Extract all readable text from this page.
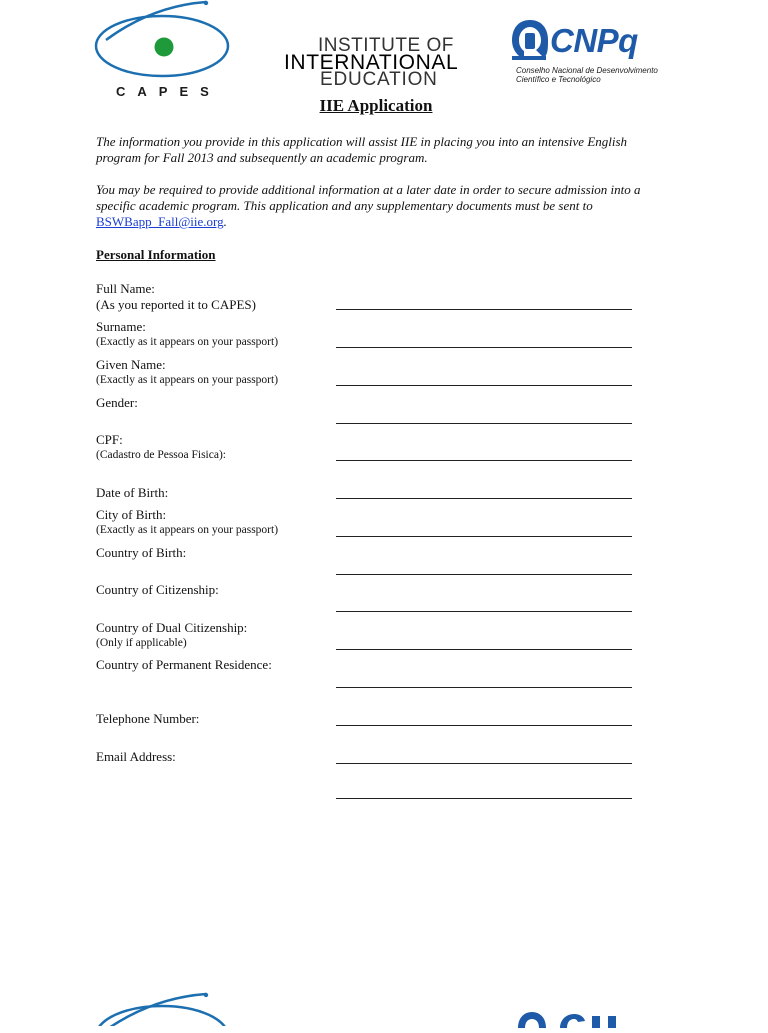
CAPES
INSTITUTE OF
INTERNATIONAL
EDUCATION
CNPq
Conselho Nacional de Desenvolvimento
Científico e Tecnológico
IIE Application

The information you provide in this application will assist IIE in placing you into an intensive English program for Fall 2013 and subsequently an academic program.

You may be required to provide additional information at a later date in order to secure admission into a specific academic program. This application and any supplementary documents must be sent to BSWBapp_Fall@iie.org.

Personal Information
Full Name:
(As you reported it to CAPES)
Surname:
(Exactly as it appears on your passport)
Given Name:
(Exactly as it appears on your passport)
Gender:
CPF:
(Cadastro de Pessoa Fisica):
Date of Birth:
City of Birth:
(Exactly as it appears on your passport)
Country of Birth:
Country of Citizenship:
Country of Dual Citizenship:
(Only if applicable)
Country of Permanent Residence:
Telephone Number:
Email Address:
